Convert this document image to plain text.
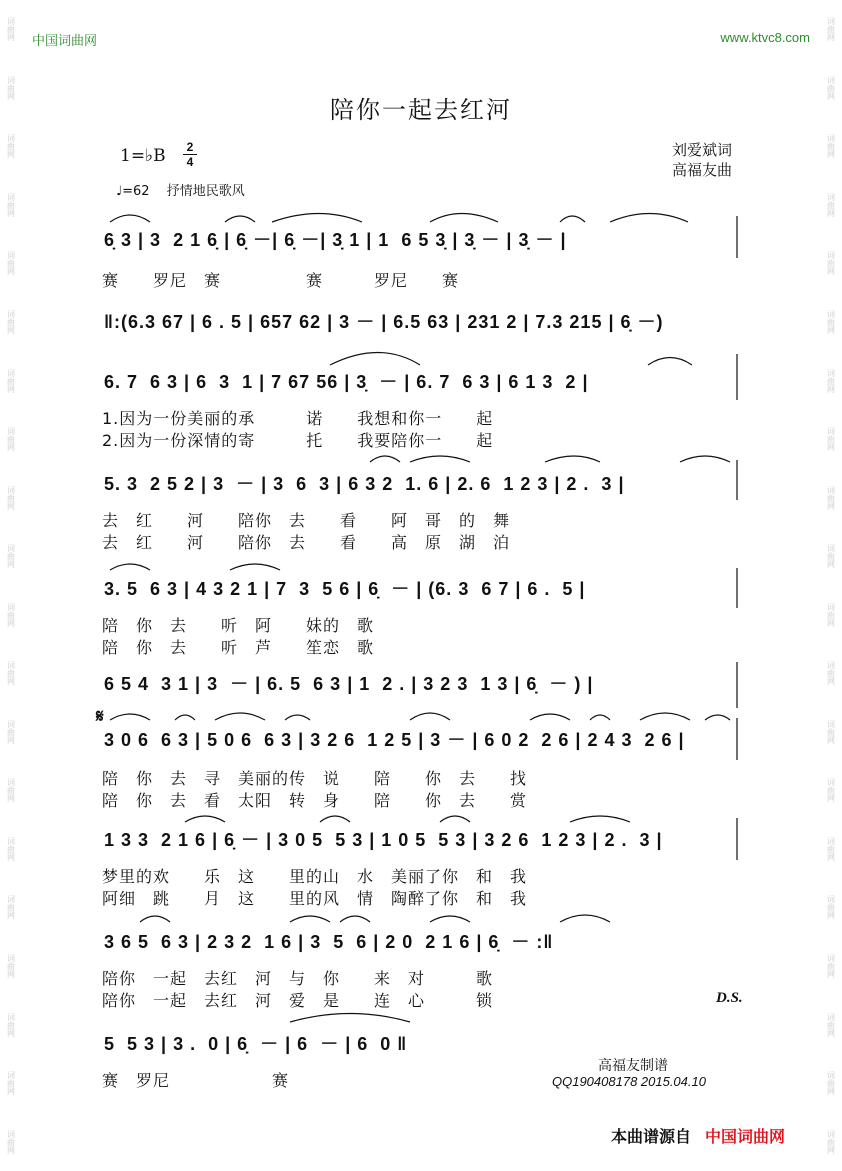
词曲网
词曲网
词曲网
词曲网
词曲网
词曲网
词曲网
词曲网
词曲网
词曲网
词曲网
词曲网
词曲网
词曲网
词曲网
词曲网
词曲网
词曲网
词曲网
词曲网
词曲网
词曲网
词曲网
词曲网
词曲网
词曲网
词曲网
词曲网
词曲网
词曲网
词曲网
词曲网
词曲网
词曲网
词曲网
词曲网
词曲网
词曲网
词曲网
词曲网
中国词曲网	www.ktvc8.com
陪你一起去红河
1=♭B	2
4
♩=62　 抒情地民歌风
刘爱斌词
高福友曲
6̣ 3 | 3  2 1 6̣ | 6̣ －| 6̣ －| 3̣ 1 | 1  6 5 3̣ | 3̣ － | 3̣ － |
赛　　罗尼　赛　　　　　赛　　　罗尼　　赛
‖:(6.3 67 | 6 . 5 | 657 62 | 3 － | 6.5 63 | 231 2 | 7.3 215 | 6̣ －)
6. 7  6 3 | 6  3  1 | 7 67 56 | 3̣  － | 6. 7  6 3 | 6 1 3  2 |
1.因为一份美丽的承　　　诺　　我想和你一　　起
2.因为一份深情的寄　　　托　　我要陪你一　　起
5. 3  2 5 2 | 3  － | 3  6  3 | 6 3 2  1. 6 | 2. 6  1 2 3 | 2 .  3 |
去　红　　河　　陪你　去　　看　　阿　哥　的　舞
去　红　　河　　陪你　去　　看　　高　原　湖　泊
3. 5  6 3 | 4 3 2 1 | 7  3  5 6 | 6̣  － | (6. 3  6 7 | 6 .  5 |
陪　你　去　　听　阿　　妹的　歌
陪　你　去　　听　芦　　笙恋　歌
6 5 4  3 1 | 3  － | 6. 5  6 3 | 1  2 . | 3 2 3  1 3 | 6̣  － ) |
𝄋
3 0 6  6 3 | 5 0 6  6 3 | 3 2 6  1 2 5 | 3 － | 6 0 2  2 6 | 2 4 3  2 6 |
陪　你　去　寻　美丽的传　说　　陪　　你　去　　找
陪　你　去　看　太阳　转　身　　陪　　你　去　　赏
1 3 3  2 1 6 | 6̣ － | 3 0 5  5 3 | 1 0 5  5 3 | 3 2 6  1 2 3 | 2 .  3 |
梦里的欢　　乐　这　　里的山　水　美丽了你　和　我
阿细　跳　　月　这　　里的风　情　陶醉了你　和　我
3 6 5  6 3 | 2 3 2  1 6 | 3  5  6 | 2 0  2 1 6 | 6̣  － :‖
陪你　一起　去红　河　与　你　　来　对　　　歌
陪你　一起　去红　河　爱　是　　连　心　　　锁	D.S.
5  5 3 | 3 .  0 | 6̣  － | 6  － | 6  0 ‖
赛　罗尼　　　　　　赛
高福友制谱
QQ190408178 2015.04.10
本曲谱源自 中国词曲网
